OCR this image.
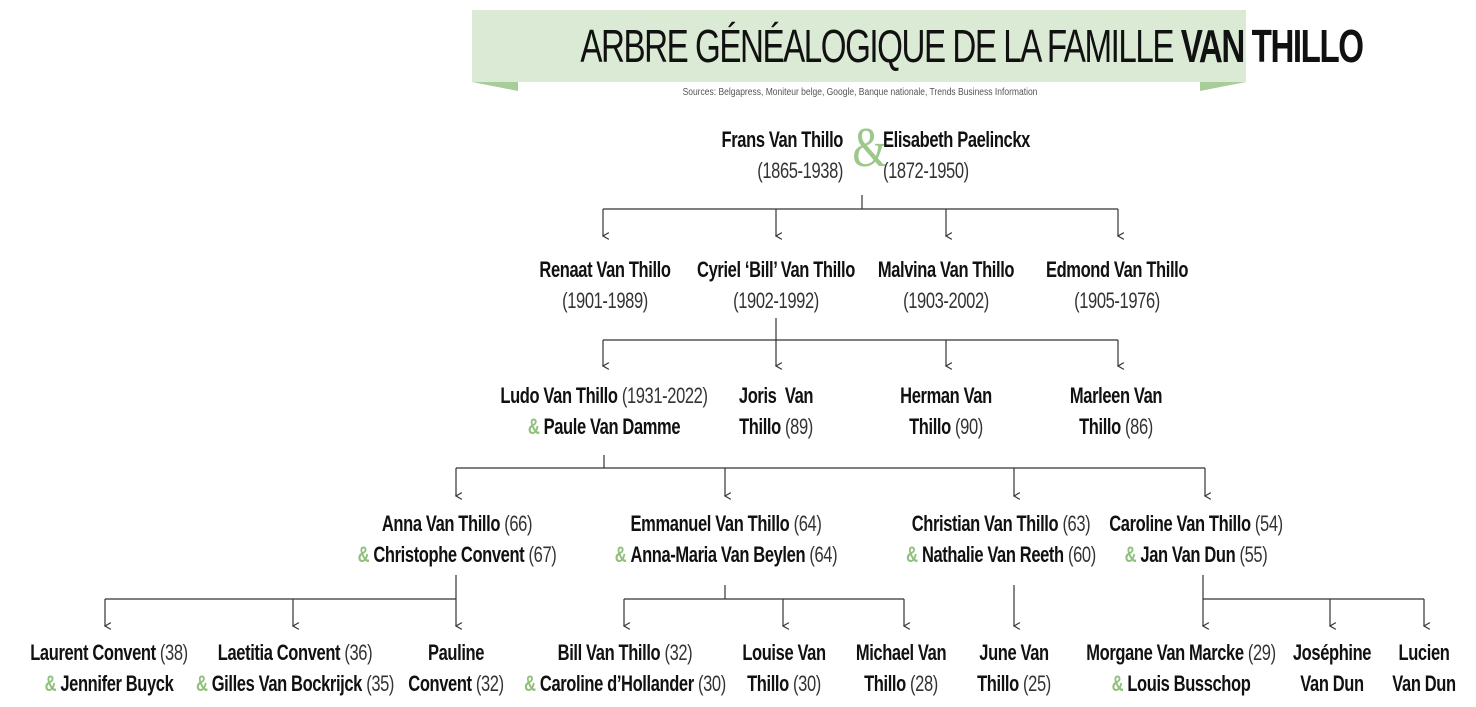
ARBRE GÉNÉALOGIQUE DE LA FAMILLE VAN THILLO
Sources: Belgapress, Moniteur belge, Google, Banque nationale, Trends Business Information
Frans Van Thillo
(1865-1938) &
Elisabeth Paelinckx
(1872-1950)
Renaat Van Thillo
(1901-1989)
Cyriel ‘Bill’ Van Thillo
(1902-1992)
Malvina Van Thillo
(1903-2002)
Edmond Van Thillo
(1905-1976)
Ludo Van Thillo (1931-2022)
& Paule Van Damme
Joris  Van
Thillo (89)
Herman Van
Thillo (90)
Marleen Van
Thillo (86)
Anna Van Thillo (66)
& Christophe Convent (67)
Emmanuel Van Thillo (64)
& Anna-Maria Van Beylen (64)
Christian Van Thillo (63)
& Nathalie Van Reeth (60)
Caroline Van Thillo (54)
& Jan Van Dun (55)
Laurent Convent (38)
& Jennifer Buyck
Laetitia Convent (36)
& Gilles Van Bockrijck (35)
Pauline
Convent (32)
Bill Van Thillo (32)
& Caroline d’Hollander (30)
Louise Van
Thillo (30)
Michael Van
Thillo (28)
June Van
Thillo (25)
Morgane Van Marcke (29)
& Louis Busschop
Joséphine
Van Dun
Lucien
Van Dun
